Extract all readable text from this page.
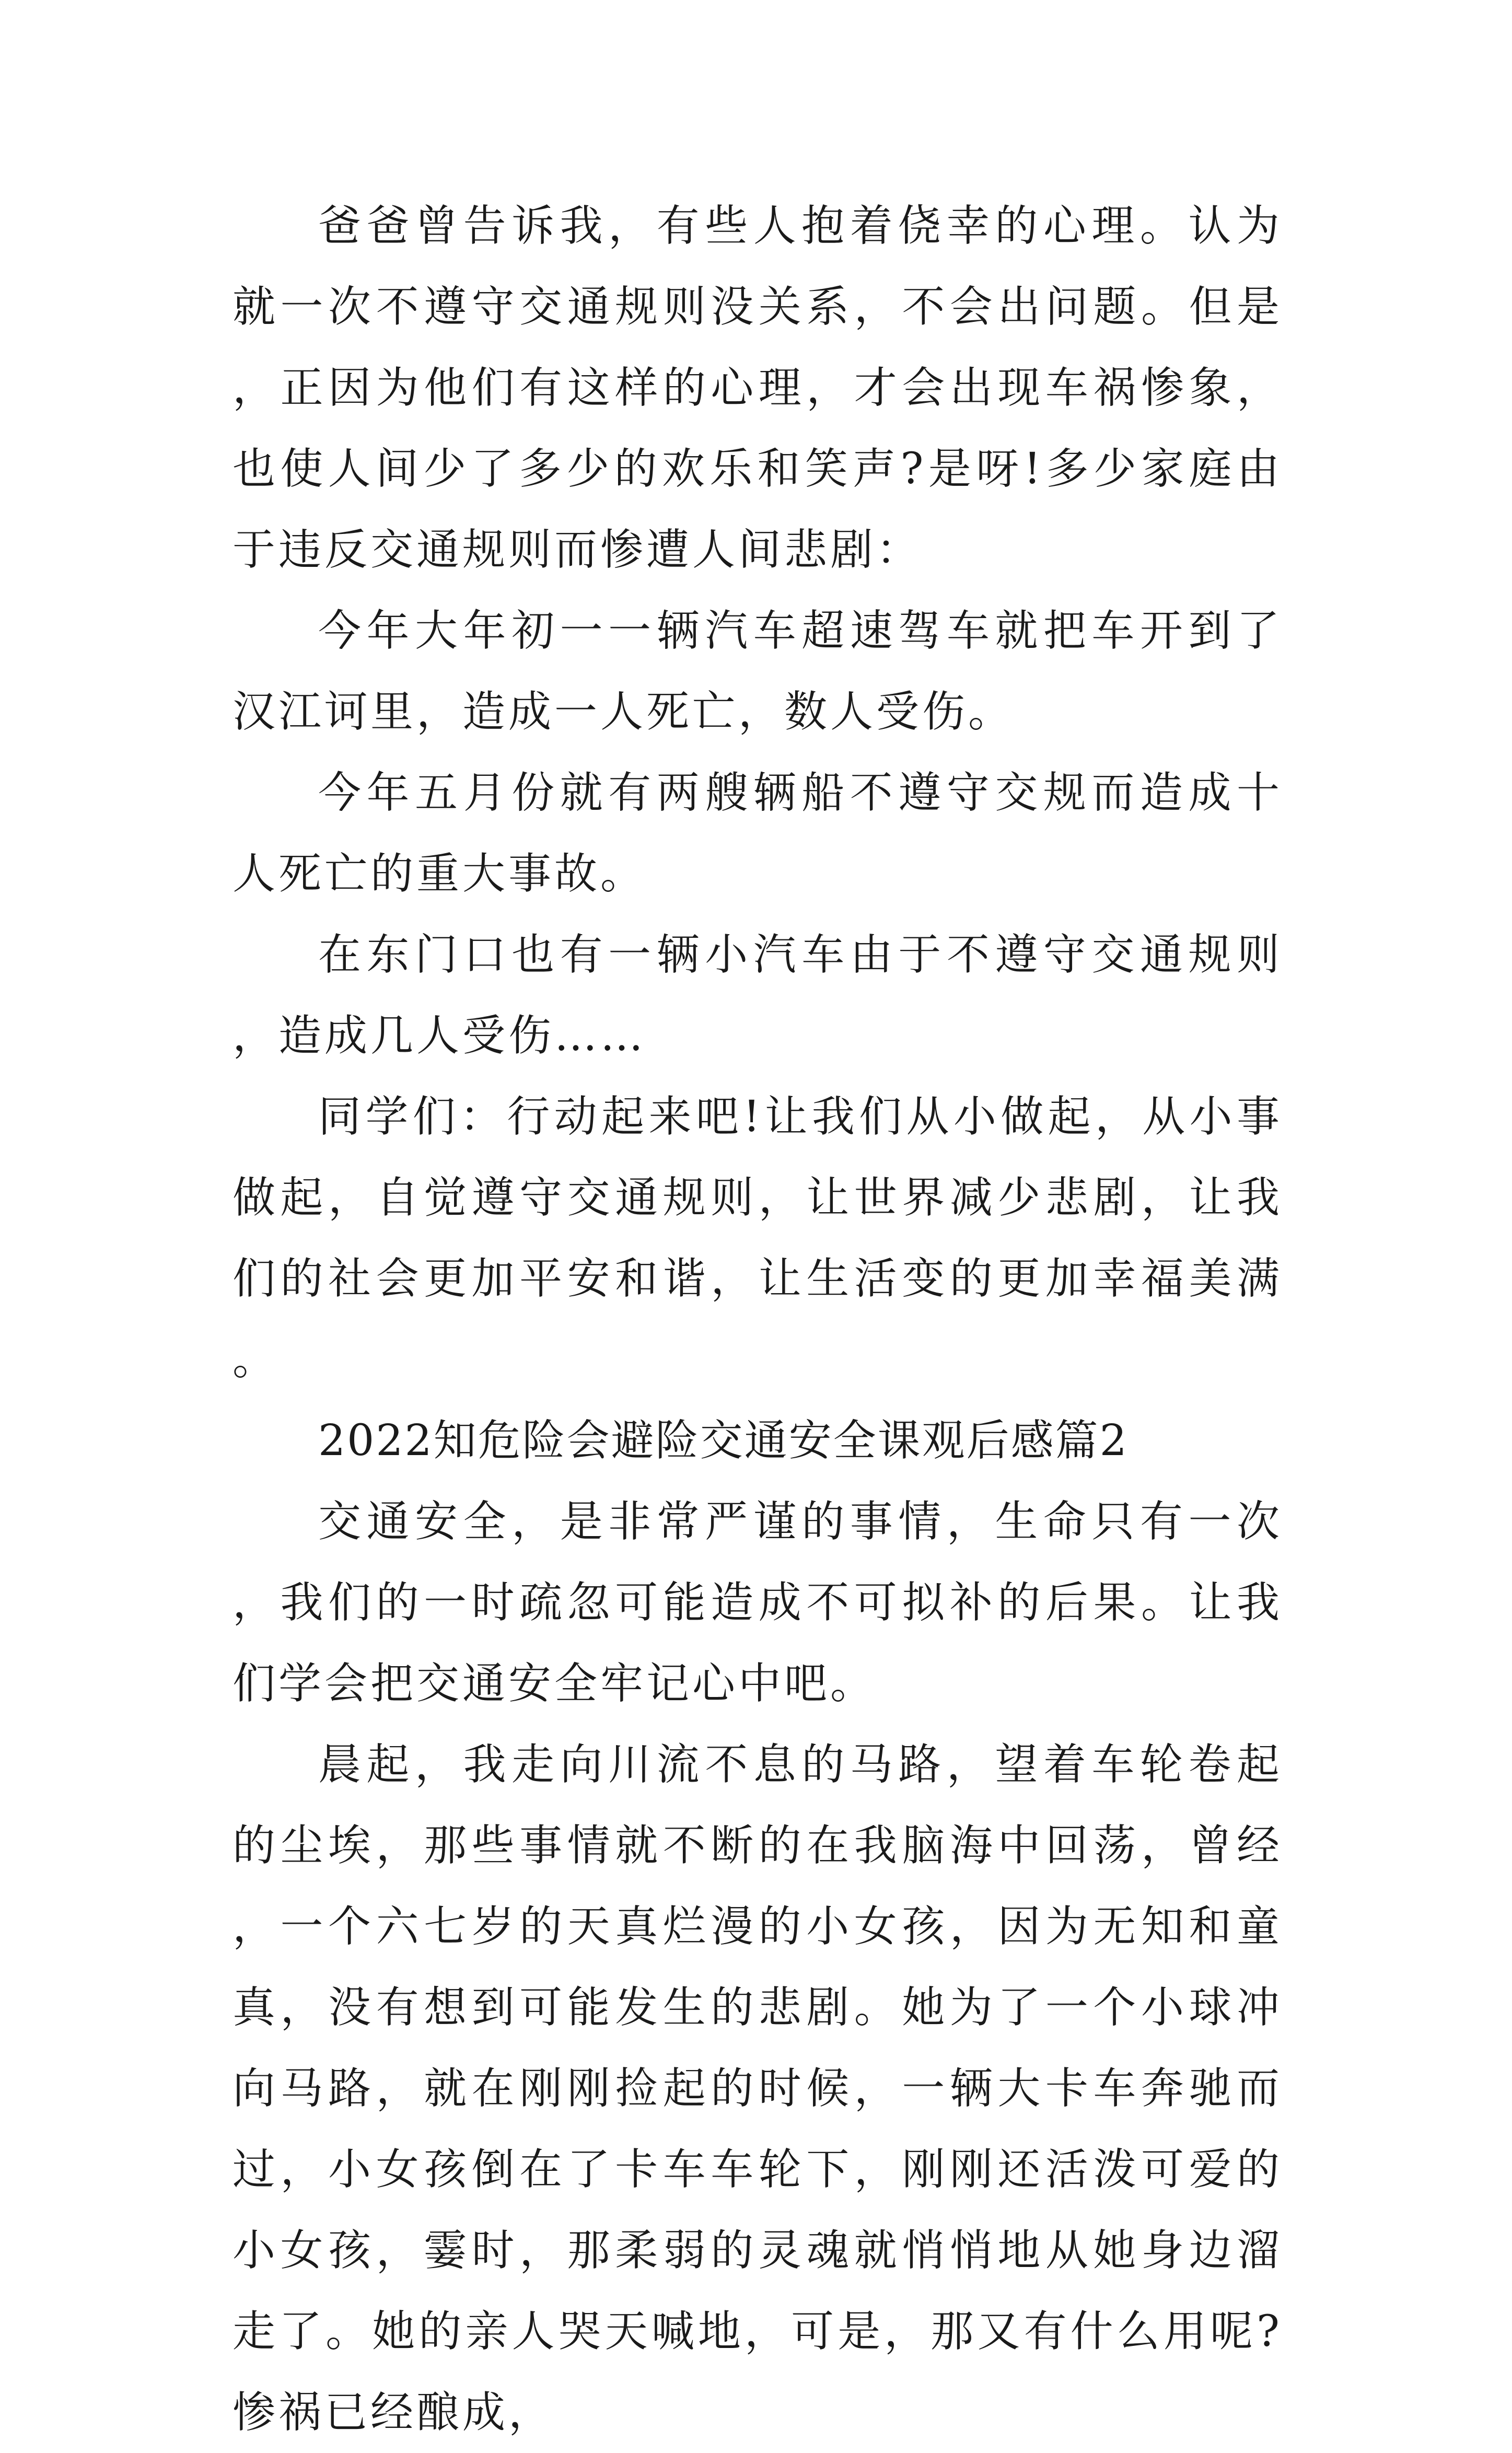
爸爸曾告诉我，有些人抱着侥幸的心理。认为就一次不遵守交通规则没关系，不会出问题。但是，正因为他们有这样的心理，才会出现车祸惨象，也使人间少了多少的欢乐和笑声?是呀!多少家庭由于违反交通规则而惨遭人间悲剧：

今年大年初一一辆汽车超速驾车就把车开到了汉江诃里，造成一人死亡，数人受伤。

今年五月份就有两艘辆船不遵守交规而造成十人死亡的重大事故。

在东门口也有一辆小汽车由于不遵守交通规则，造成几人受伤……

同学们：行动起来吧!让我们从小做起，从小事做起，自觉遵守交通规则，让世界减少悲剧，让我们的社会更加平安和谐，让生活变的更加幸福美满。

2022知危险会避险交通安全课观后感篇2

交通安全，是非常严谨的事情，生命只有一次，我们的一时疏忽可能造成不可拟补的后果。让我们学会把交通安全牢记心中吧。

晨起，我走向川流不息的马路，望着车轮卷起的尘埃，那些事情就不断的在我脑海中回荡，曾经，一个六七岁的天真烂漫的小女孩，因为无知和童真，没有想到可能发生的悲剧。她为了一个小球冲向马路，就在刚刚捡起的时候，一辆大卡车奔驰而过，小女孩倒在了卡车车轮下，刚刚还活泼可爱的小女孩，霎时，那柔弱的灵魂就悄悄地从她身边溜走了。她的亲人哭天喊地，可是，那又有什么用呢?惨祸已经酿成，
